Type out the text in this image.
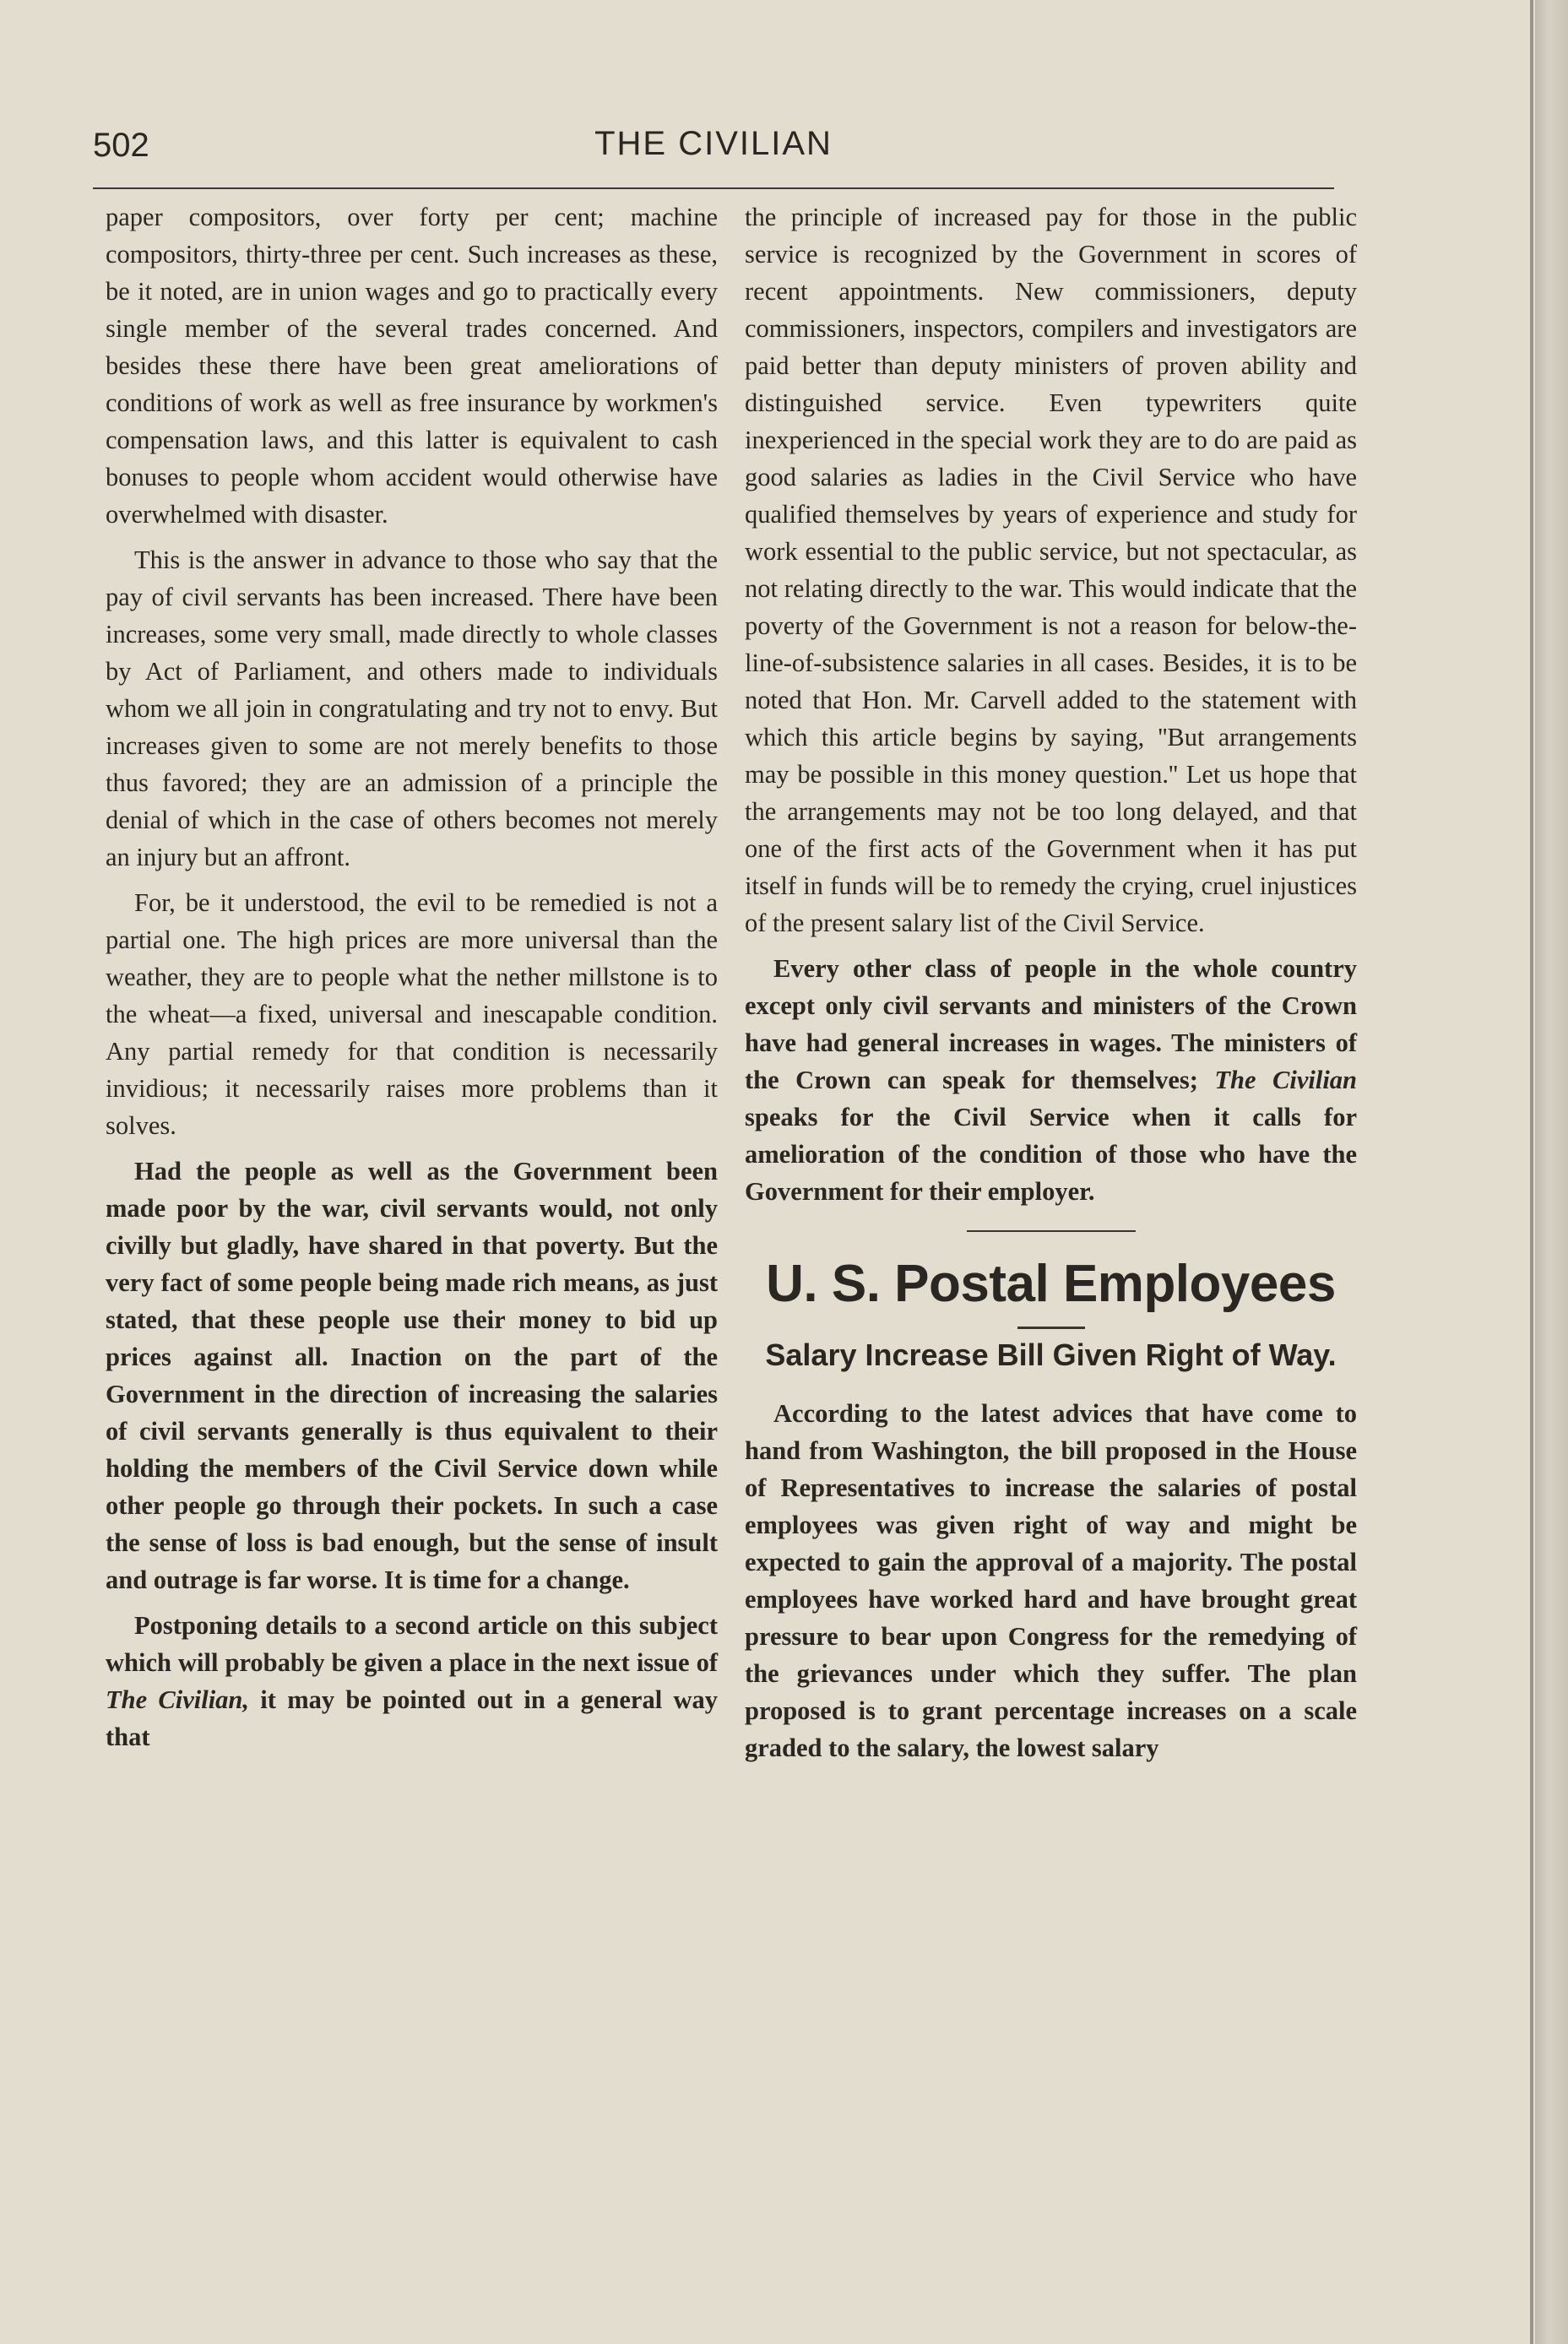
502	THE CIVILIAN

paper compositors, over forty per cent; machine compositors, thirty-three per cent. Such increases as these, be it noted, are in union wages and go to practically every single member of the several trades concerned. And besides these there have been great ameliorations of conditions of work as well as free insurance by workmen's compensation laws, and this latter is equivalent to cash bonuses to people whom accident would otherwise have overwhelmed with disaster.

This is the answer in advance to those who say that the pay of civil servants has been increased. There have been increases, some very small, made directly to whole classes by Act of Parliament, and others made to individuals whom we all join in congratulating and try not to envy. But increases given to some are not merely benefits to those thus favored; they are an admission of a principle the denial of which in the case of others becomes not merely an injury but an affront.

For, be it understood, the evil to be remedied is not a partial one. The high prices are more universal than the weather, they are to people what the nether millstone is to the wheat—a fixed, universal and inescapable condition. Any partial remedy for that condition is necessarily invidious; it necessarily raises more problems than it solves.

Had the people as well as the Government been made poor by the war, civil servants would, not only civilly but gladly, have shared in that poverty. But the very fact of some people being made rich means, as just stated, that these people use their money to bid up prices against all. Inaction on the part of the Government in the direction of increasing the salaries of civil servants generally is thus equivalent to their holding the members of the Civil Service down while other people go through their pockets. In such a case the sense of loss is bad enough, but the sense of insult and outrage is far worse. It is time for a change.

Postponing details to a second article on this subject which will probably be given a place in the next issue of The Civilian, it may be pointed out in a general way that

the principle of increased pay for those in the public service is recognized by the Government in scores of recent appointments. New commissioners, deputy commissioners, inspectors, compilers and investigators are paid better than deputy ministers of proven ability and distinguished service. Even typewriters quite inexperienced in the special work they are to do are paid as good salaries as ladies in the Civil Service who have qualified themselves by years of experience and study for work essential to the public service, but not spectacular, as not relating directly to the war. This would indicate that the poverty of the Government is not a reason for below-the-line-of-subsistence salaries in all cases. Besides, it is to be noted that Hon. Mr. Carvell added to the statement with which this article begins by saying, ''But arrangements may be possible in this money question.'' Let us hope that the arrangements may not be too long delayed, and that one of the first acts of the Government when it has put itself in funds will be to remedy the crying, cruel injustices of the present salary list of the Civil Service.

Every other class of people in the whole country except only civil servants and ministers of the Crown have had general increases in wages. The ministers of the Crown can speak for themselves; The Civilian speaks for the Civil Service when it calls for amelioration of the condition of those who have the Government for their employer.

U. S. Postal Employees
Salary Increase Bill Given Right of Way.

According to the latest advices that have come to hand from Washington, the bill proposed in the House of Representatives to increase the salaries of postal employees was given right of way and might be expected to gain the approval of a majority. The postal employees have worked hard and have brought great pressure to bear upon Congress for the remedying of the grievances under which they suffer. The plan proposed is to grant percentage increases on a scale graded to the salary, the lowest salary
